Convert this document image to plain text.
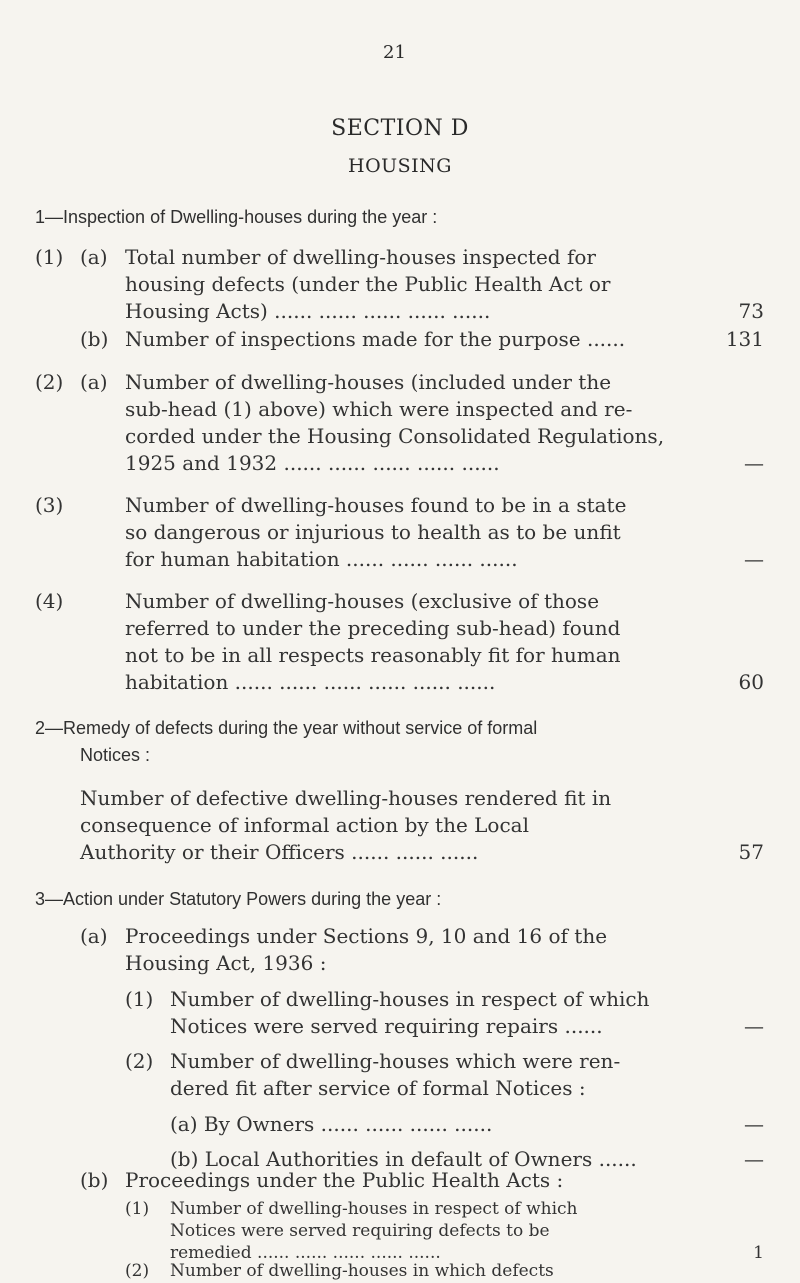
21
SECTION D
HOUSING
1—Inspection of Dwelling-houses during the year :
(1) (a) Total number of dwelling-houses inspected for
housing defects (under the Public Health Act or
Housing Acts) ...... ...... ...... ...... ......	73
(b) Number of inspections made for the purpose ......	131
(2) (a) Number of dwelling-houses (included under the
sub-head (1) above) which were inspected and re-
corded under the Housing Consolidated Regulations,
1925 and 1932 ...... ...... ...... ...... ......	—
(3)	Number of dwelling-houses found to be in a state
so dangerous or injurious to health as to be unfit
for human habitation ...... ...... ...... ......	—
(4)	Number of dwelling-houses (exclusive of those
referred to under the preceding sub-head) found
not to be in all respects reasonably fit for human
habitation ...... ...... ...... ...... ...... ......	60
2—Remedy of defects during the year without service of formal
Notices :
Number of defective dwelling-houses rendered fit in
consequence of informal action by the Local
Authority or their Officers ...... ...... ......	57
3—Action under Statutory Powers during the year :
(a) Proceedings under Sections 9, 10 and 16 of the
Housing Act, 1936 :
(1) Number of dwelling-houses in respect of which
Notices were served requiring repairs ......	—
(2) Number of dwelling-houses which were ren-
dered fit after service of formal Notices :
(a) By Owners ...... ...... ...... ......	—
(b) Local Authorities in default of Owners ......	—
(b) Proceedings under the Public Health Acts :
(1) Number of dwelling-houses in respect of which
Notices were served requiring defects to be
remedied ...... ...... ...... ...... ......	1
(2) Number of dwelling-houses in which defects
